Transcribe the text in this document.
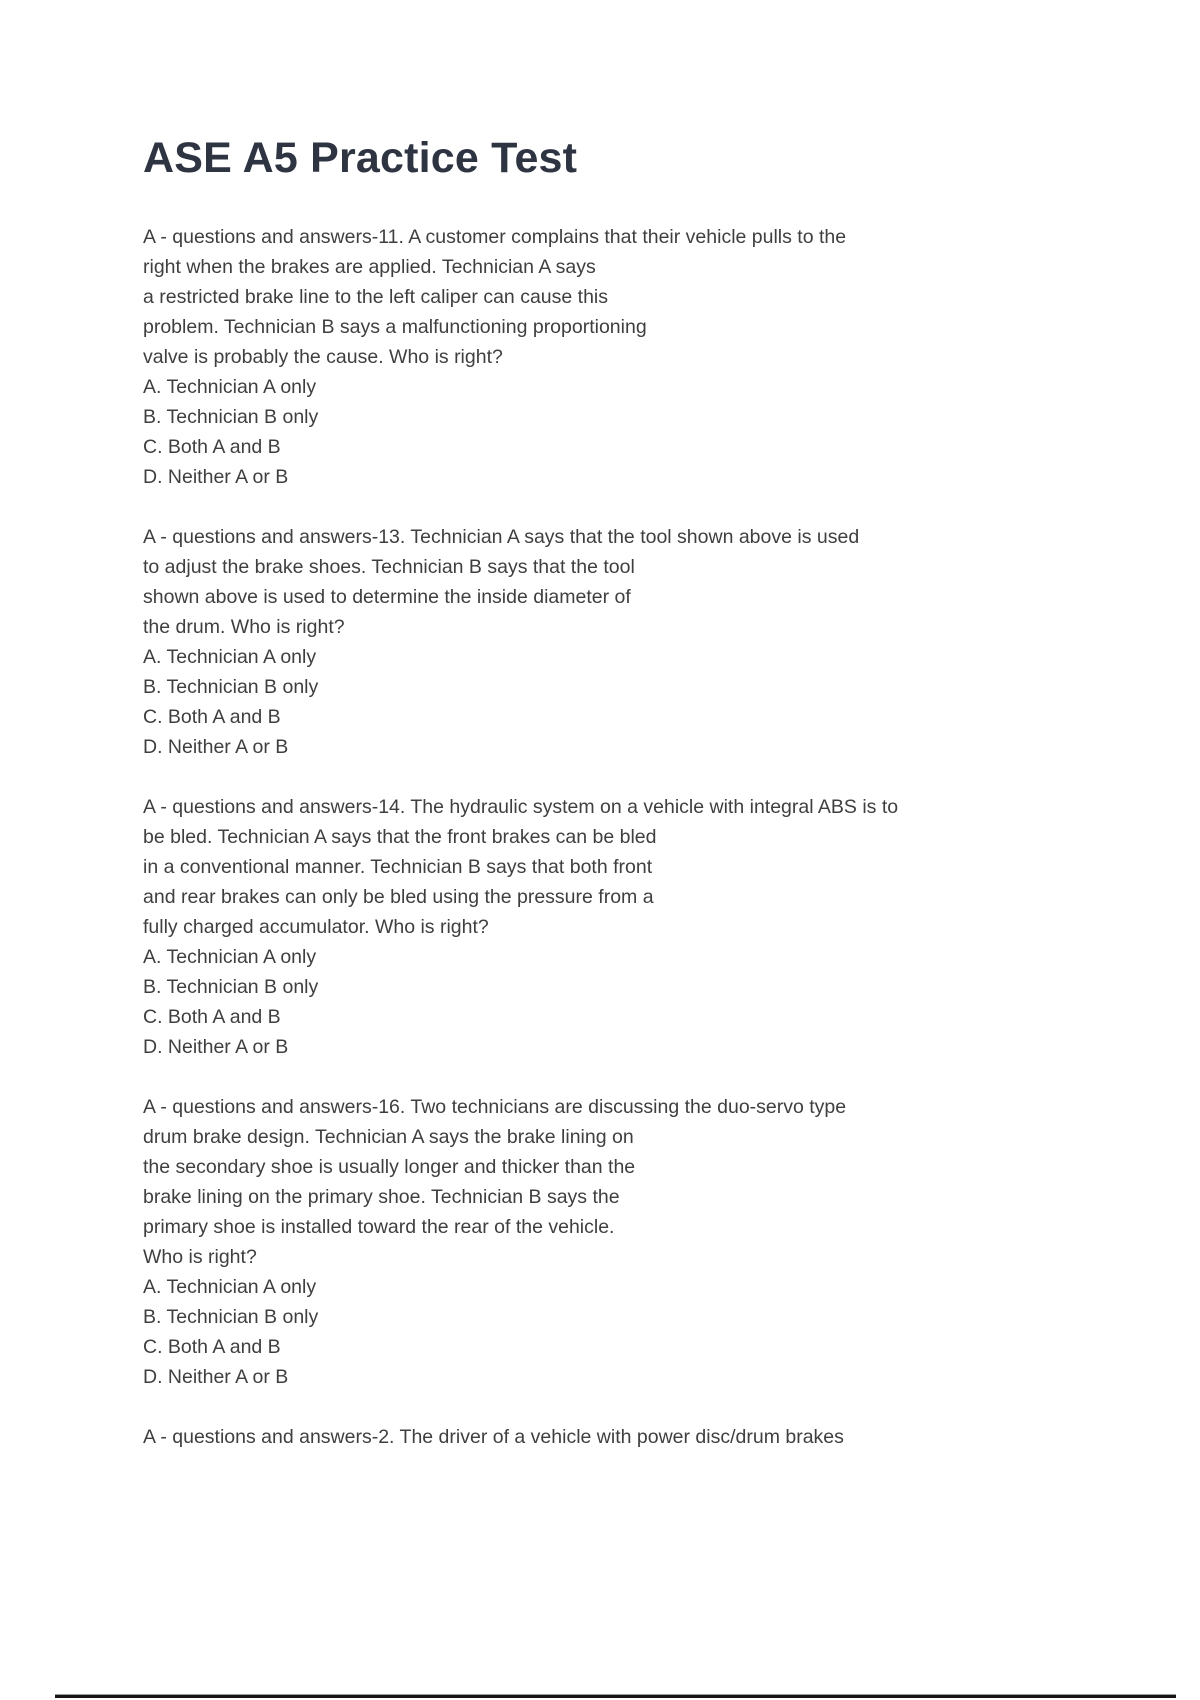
ASE A5 Practice Test
A - questions and answers-11. A customer complains that their vehicle pulls to the
right when the brakes are applied. Technician A says
a restricted brake line to the left caliper can cause this
problem. Technician B says a malfunctioning proportioning
valve is probably the cause. Who is right?
A. Technician A only
B. Technician B only
C. Both A and B
D. Neither A or B
A - questions and answers-13. Technician A says that the tool shown above is used
to adjust the brake shoes. Technician B says that the tool
shown above is used to determine the inside diameter of
the drum. Who is right?
A. Technician A only
B. Technician B only
C. Both A and B
D. Neither A or B
A - questions and answers-14. The hydraulic system on a vehicle with integral ABS is to
be bled. Technician A says that the front brakes can be bled
in a conventional manner. Technician B says that both front
and rear brakes can only be bled using the pressure from a
fully charged accumulator. Who is right?
A. Technician A only
B. Technician B only
C. Both A and B
D. Neither A or B
A - questions and answers-16. Two technicians are discussing the duo-servo type
drum brake design. Technician A says the brake lining on
the secondary shoe is usually longer and thicker than the
brake lining on the primary shoe. Technician B says the
primary shoe is installed toward the rear of the vehicle.
Who is right?
A. Technician A only
B. Technician B only
C. Both A and B
D. Neither A or B
A - questions and answers-2. The driver of a vehicle with power disc/drum brakes
